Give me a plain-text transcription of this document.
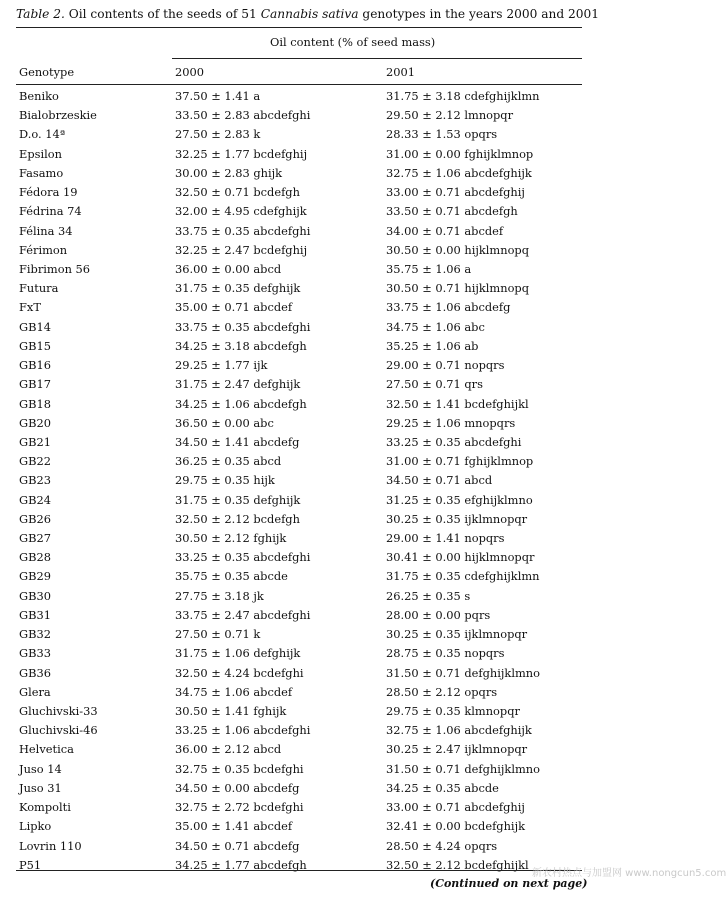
Table 2. Oil contents of the seeds of 51 Cannabis sativa genotypes in the years 2000 and 2001
Oil content (% of seed mass)
Genotype	2000	2001
Beniko	37.50 ± 1.41 a	31.75 ± 3.18 cdefghijklmn
Bialobrzeskie	33.50 ± 2.83 abcdefghi	29.50 ± 2.12 lmnopqr
D.o. 14ª	27.50 ± 2.83 k	28.33 ± 1.53 opqrs
Epsilon	32.25 ± 1.77 bcdefghij	31.00 ± 0.00 fghijklmnop
Fasamo	30.00 ± 2.83 ghijk	32.75 ± 1.06 abcdefghijk
Fédora 19	32.50 ± 0.71 bcdefgh	33.00 ± 0.71 abcdefghij
Fédrina 74	32.00 ± 4.95 cdefghijk	33.50 ± 0.71 abcdefgh
Félina 34	33.75 ± 0.35 abcdefghi	34.00 ± 0.71 abcdef
Férimon	32.25 ± 2.47 bcdefghij	30.50 ± 0.00 hijklmnopq
Fibrimon 56	36.00 ± 0.00 abcd	35.75 ± 1.06 a
Futura	31.75 ± 0.35 defghijk	30.50 ± 0.71 hijklmnopq
FxT	35.00 ± 0.71 abcdef	33.75 ± 1.06 abcdefg
GB14	33.75 ± 0.35 abcdefghi	34.75 ± 1.06 abc
GB15	34.25 ± 3.18 abcdefgh	35.25 ± 1.06 ab
GB16	29.25 ± 1.77 ijk	29.00 ± 0.71 nopqrs
GB17	31.75 ± 2.47 defghijk	27.50 ± 0.71 qrs
GB18	34.25 ± 1.06 abcdefgh	32.50 ± 1.41 bcdefghijkl
GB20	36.50 ± 0.00 abc	29.25 ± 1.06 mnopqrs
GB21	34.50 ± 1.41 abcdefg	33.25 ± 0.35 abcdefghi
GB22	36.25 ± 0.35 abcd	31.00 ± 0.71 fghijklmnop
GB23	29.75 ± 0.35 hijk	34.50 ± 0.71 abcd
GB24	31.75 ± 0.35 defghijk	31.25 ± 0.35 efghijklmno
GB26	32.50 ± 2.12 bcdefgh	30.25 ± 0.35 ijklmnopqr
GB27	30.50 ± 2.12 fghijk	29.00 ± 1.41 nopqrs
GB28	33.25 ± 0.35 abcdefghi	30.41 ± 0.00 hijklmnopqr
GB29	35.75 ± 0.35 abcde	31.75 ± 0.35 cdefghijklmn
GB30	27.75 ± 3.18 jk	26.25 ± 0.35 s
GB31	33.75 ± 2.47 abcdefghi	28.00 ± 0.00 pqrs
GB32	27.50 ± 0.71 k	30.25 ± 0.35 ijklmnopqr
GB33	31.75 ± 1.06 defghijk	28.75 ± 0.35 nopqrs
GB36	32.50 ± 4.24 bcdefghi	31.50 ± 0.71 defghijklmno
Glera	34.75 ± 1.06 abcdef	28.50 ± 2.12 opqrs
Gluchivski-33	30.50 ± 1.41 fghijk	29.75 ± 0.35 klmnopqr
Gluchivski-46	33.25 ± 1.06 abcdefghi	32.75 ± 1.06 abcdefghijk
Helvetica	36.00 ± 2.12 abcd	30.25 ± 2.47 ijklmnopqr
Juso 14	32.75 ± 0.35 bcdefghi	31.50 ± 0.71 defghijklmno
Juso 31	34.50 ± 0.00 abcdefg	34.25 ± 0.35 abcde
Kompolti	32.75 ± 2.72 bcdefghi	33.00 ± 0.71 abcdefghij
Lipko	35.00 ± 1.41 abcdef	32.41 ± 0.00 bcdefghijk
Lovrin 110	34.50 ± 0.71 abcdefg	28.50 ± 4.24 opqrs
P51	34.25 ± 1.77 abcdefgh	32.50 ± 2.12 bcdefghijkl
(Continued on next page)
新农村热点与加盟网 www.nongcun5.com
